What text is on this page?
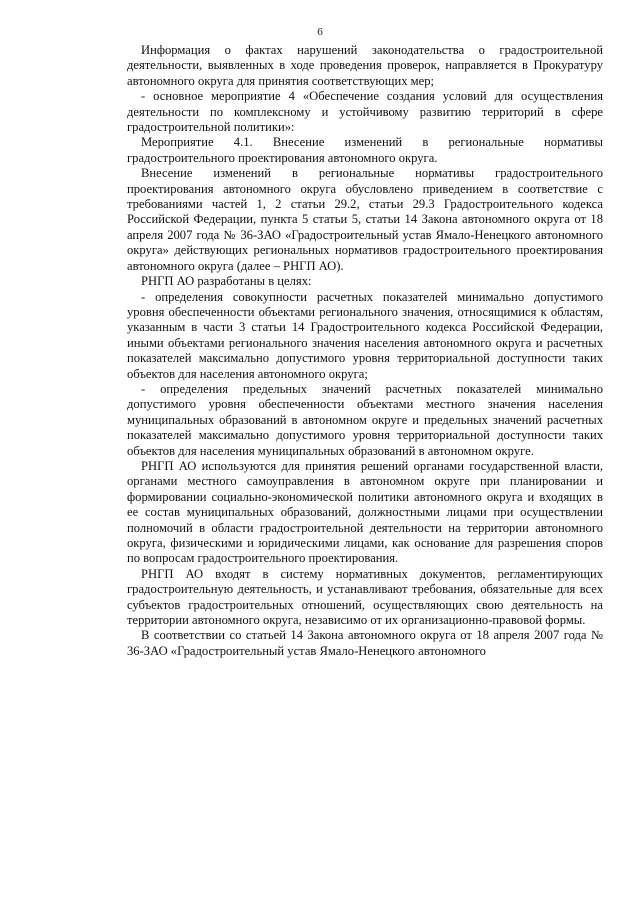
6

Информация о фактах нарушений законодательства о градостроительной деятельности, выявленных в ходе проведения проверок, направляется в Прокуратуру автономного округа для принятия соответствующих мер;

- основное мероприятие 4 «Обеспечение создания условий для осуществления деятельности по комплексному и устойчивому развитию территорий в сфере градостроительной политики»:

Мероприятие 4.1. Внесение изменений в региональные нормативы градостроительного проектирования автономного округа.

Внесение изменений в региональные нормативы градостроительного проектирования автономного округа обусловлено приведением в соответствие с требованиями частей 1, 2 статьи 29.2, статьи 29.3 Градостроительного кодекса Российской Федерации, пункта 5 статьи 5, статьи 14 Закона автономного округа от 18 апреля 2007 года № 36-ЗАО «Градостроительный устав Ямало-Ненецкого автономного округа» действующих региональных нормативов градостроительного проектирования автономного округа (далее – РНГП АО).

РНГП АО разработаны в целях:

- определения совокупности расчетных показателей минимально допустимого уровня обеспеченности объектами регионального значения, относящимися к областям, указанным в части 3 статьи 14 Градостроительного кодекса Российской Федерации, иными объектами регионального значения населения автономного округа и расчетных показателей максимально допустимого уровня территориальной доступности таких объектов для населения автономного округа;

- определения предельных значений расчетных показателей минимально допустимого уровня обеспеченности объектами местного значения населения муниципальных образований в автономном округе и предельных значений расчетных показателей максимально допустимого уровня территориальной доступности таких объектов для населения муниципальных образований в автономном округе.

РНГП АО используются для принятия решений органами государственной власти, органами местного самоуправления в автономном округе при планировании и формировании социально-экономической политики автономного округа и входящих в ее состав муниципальных образований, должностными лицами при осуществлении полномочий в области градостроительной деятельности на территории автономного округа, физическими и юридическими лицами, как основание для разрешения споров по вопросам градостроительного проектирования.

РНГП АО входят в систему нормативных документов, регламентирующих градостроительную деятельность, и устанавливают требования, обязательные для всех субъектов градостроительных отношений, осуществляющих свою деятельность на территории автономного округа, независимо от их организационно-правовой формы.

В соответствии со статьей 14 Закона автономного округа от 18 апреля 2007 года № 36-ЗАО «Градостроительный устав Ямало-Ненецкого автономного
